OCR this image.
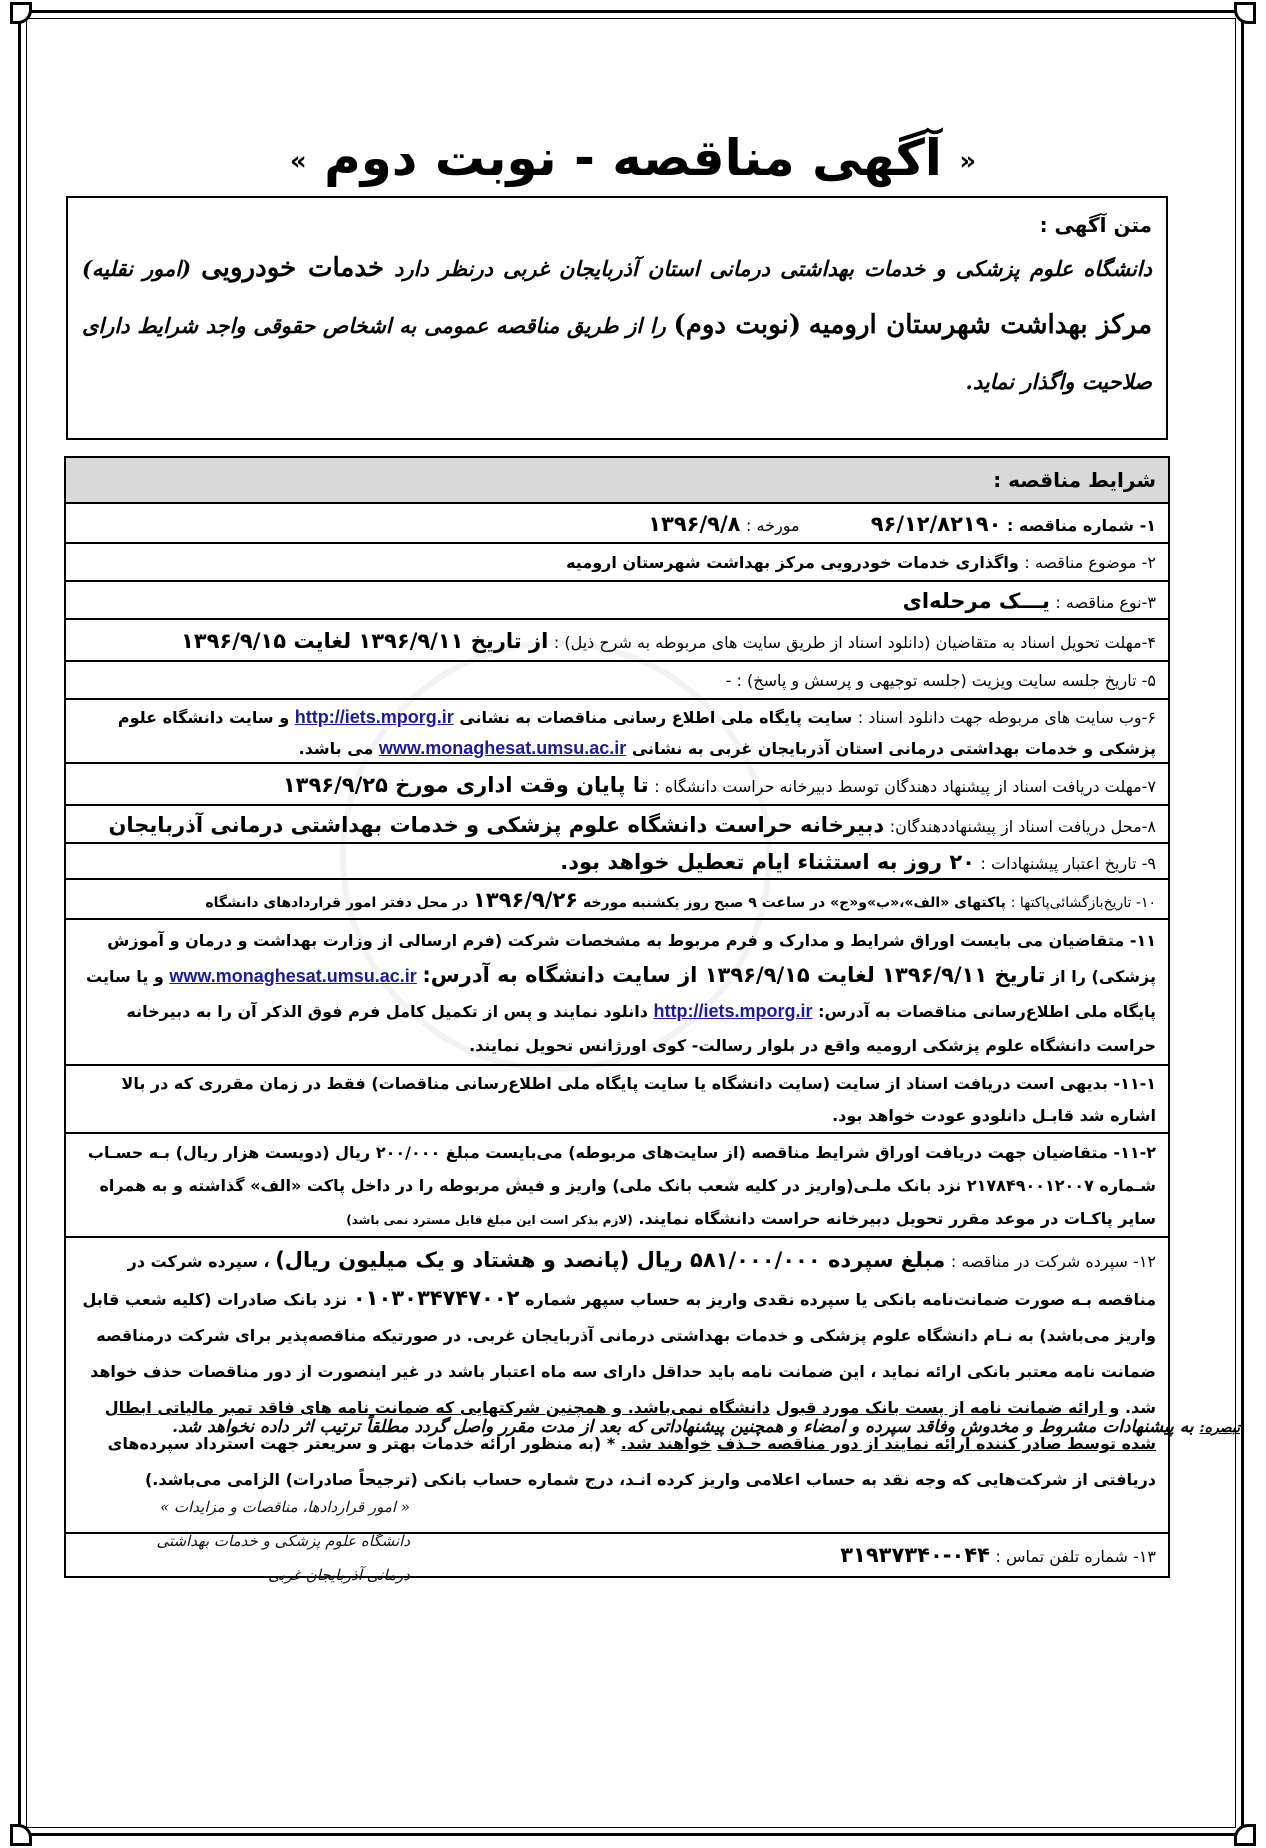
« آگهی مناقصه - نوبت دوم »
متن آگهی :
دانشگاه علوم پزشکی و خدمات بهداشتی درمانی استان آذربایجان غربی درنظر دارد خدمات خودرویی (امور نقلیه) مرکز بهداشت شهرستان ارومیه (نوبت دوم) را از طریق مناقصه عمومی به اشخاص حقوقی واجد شرایط دارای صلاحیت واگذار نماید.
شرایط مناقصه :
۱- شماره مناقصه : ۹۶/۱۲/۸۲۱۹۰  مورخه : ۱۳۹۶/۹/۸
۲- موضوع مناقصه : واگذاری خدمات خودرویی مرکز بهداشت شهرستان ارومیه
۳-نوع مناقصه : یـــک مرحله‌ای
۴-مهلت تحویل اسناد به متقاضیان (دانلود اسناد از طریق سایت های مربوطه به شرح ذیل) : از تاریخ ۱۳۹۶/۹/۱۱ لغایت ۱۳۹۶/۹/۱۵
۵- تاریخ جلسه سایت ویزیت (جلسه توجیهی و پرسش و پاسخ) : -
۶-وب سایت های مربوطه جهت دانلود اسناد : سایت پایگاه ملی اطلاع رسانی مناقصات به نشانی http://iets.mporg.ir و سایت دانشگاه علوم پزشکی و خدمات بهداشتی درمانی استان آذربایجان غربی به نشانی www.monaghesat.umsu.ac.ir می باشد.
۷-مهلت دریافت اسناد از پیشنهاد دهندگان توسط دبیرخانه حراست دانشگاه : تا پایان وقت اداری مورخ ۱۳۹۶/۹/۲۵
۸-محل دریافت اسناد از پیشنهاددهندگان: دبیرخانه حراست دانشگاه علوم پزشکی و خدمات بهداشتی درمانی آذربایجان
۹- تاریخ اعتبار پیشنهادات : ۲۰ روز به استثناء ایام تعطیل خواهد بود.
۱۰- تاریخ‌بازگشائی‌پاکتها : پاکتهای «الف»،«ب»و«ج» در ساعت ۹ صبح روز یکشنبه مورخه ۱۳۹۶/۹/۲۶ در محل دفتر امور قراردادهای دانشگاه
۱۱- متقاضیان می بایست اوراق شرایط و مدارک و فرم مربوط به مشخصات شرکت (فرم ارسالی از وزارت بهداشت و درمان و آموزش پزشکی) را از تاریخ ۱۳۹۶/۹/۱۱ لغایت ۱۳۹۶/۹/۱۵ از سایت دانشگاه به آدرس: www.monaghesat.umsu.ac.ir و یا سایت پایگاه ملی اطلاع‌رسانی مناقصات به آدرس: http://iets.mporg.ir دانلود نمایند و پس از تکمیل کامل فرم فوق الذکر آن را به دبیرخانه حراست دانشگاه علوم پزشکی ارومیه واقع در بلوار رسالت- کوی اورژانس تحویل نمایند.
۱۱-۱- بدیهی است دریافت اسناد از سایت (سایت دانشگاه یا سایت پایگاه ملی اطلاع‌رسانی مناقصات) فقط در زمان مقرری که در بالا اشاره شد قابـل دانلودو عودت خواهد بود.
۱۱-۲- متقاضیان جهت دریافت اوراق شرایط مناقصه (از سایت‌های مربوطه) می‌بایست مبلغ ۲۰۰/۰۰۰ ریال (دویست هزار ریال) بـه حسـاب شـماره ۲۱۷۸۴۹۰۰۱۲۰۰۷ نزد بانک ملـی(واریز در کلیه شعب بانک ملی) واریز و فیش مربوطه را در داخل پاکت «الف» گذاشته و به همراه سایر پاکـات در موعد مقرر تحویل دبیرخانه حراست دانشگاه نمایند. (لازم بذکر است این مبلغ قابل مسترد نمی باشد)
۱۲- سپرده شرکت در مناقصه : مبلغ سپرده ۵۸۱/۰۰۰/۰۰۰ ریال (پانصد و هشتاد و یک میلیون ریال) ، سپرده شرکت در مناقصه بـه صورت ضمانت‌نامه بانکی یا سپرده نقدی واریز به حساب سپهر شماره ۰۱۰۳۰۳۴۷۴۷۰۰۲ نزد بانک صادرات (کلیه شعب قابل واریز می‌باشد) به نـام دانشگاه علوم پزشکی و خدمات بهداشتی درمانی آذربایجان غربی. در صورتیکه مناقصه‌پذیر برای شرکت درمناقصه ضمانت نامه معتبر بانکی ارائه نماید ، این ضمانت نامه باید حداقل دارای سه ماه اعتبار باشد در غیر اینصورت از دور مناقصات حذف خواهد شد. و ارائه ضمانت نامه از پست بانک مورد قبول دانشگاه نمی‌باشد. و همچنین شرکتهایی که ضمانت نامه های فاقد تمبر مالیاتی ابطال شده توسط صادر کننده ارائه نمایند از دور مناقصه حـذف خواهند شد. * (به منظور ارائه خدمات بهتر و سریعتر جهت استرداد سپرده‌های دریافتی از شرکت‌هایی که وجه نقد به حساب اعلامی واریز کرده انـد، درج شماره حساب بانکی (ترجیحاً صادرات) الزامی می‌باشد.)
۱۳- شماره تلفن تماس : ۰۴۴-۳۱۹۳۷۳۴۰
تبصره: به پیشنهادات مشروط و مخدوش وفاقد سپرده و امضاء و همچنین پیشنهاداتی که بعد از مدت مقرر واصل گردد مطلقاً ترتیب اثر داده نخواهد شد.
« امور قراردادها، مناقصات و مزایدات »
دانشگاه علوم پزشکی و خدمات بهداشتی درمانی آذربایجان غربی
